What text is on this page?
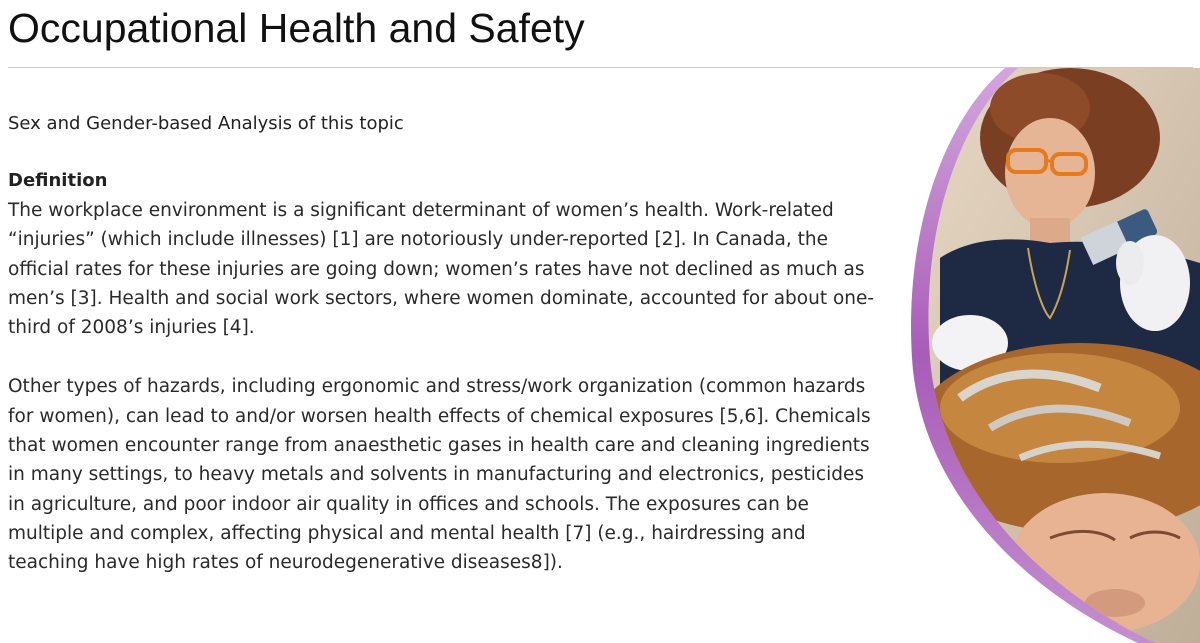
Occupational Health and Safety

Sex and Gender-based Analysis of this topic

Definition

The workplace environment is a significant determinant of women’s health. Work-related “injuries” (which include illnesses) [1] are notoriously under-reported [2]. In Canada, the official rates for these injuries are going down; women’s rates have not declined as much as men’s [3]. Health and social work sectors, where women dominate, accounted for about one-third of 2008’s injuries [4].

Other types of hazards, including ergonomic and stress/work organization (common hazards for women), can lead to and/or worsen health effects of chemical exposures [5,6]. Chemicals that women encounter range from anaesthetic gases in health care and cleaning ingredients in many settings, to heavy metals and solvents in manufacturing and electronics, pesticides in agriculture, and poor indoor air quality in offices and schools. The exposures can be multiple and complex, affecting physical and mental health [7] (e.g., hairdressing and teaching have high rates of neurodegenerative diseases8]).
